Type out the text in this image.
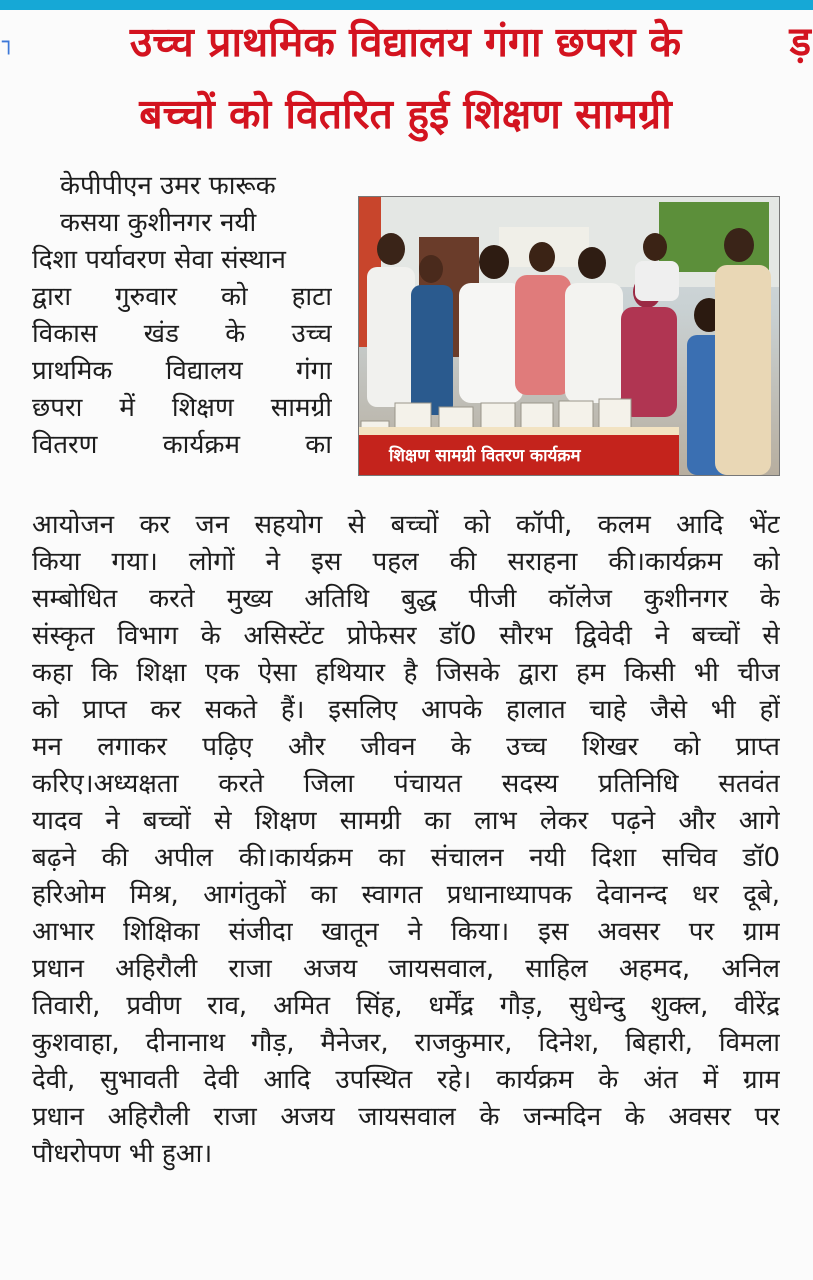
┐	ड़
उच्च प्राथमिक विद्यालय गंगा छपरा के
बच्चों को वितरित हुई शिक्षण सामग्री
शिक्षण सामग्री वितरण कार्यक्रम
केपीपीएन उमर फारूक
कसया कुशीनगर नयी
दिशा पर्यावरण सेवा संस्थान
द्वारा गुरुवार को हाटा
विकास खंड के उच्च
प्राथमिक विद्यालय गंगा
छपरा में शिक्षण सामग्री
वितरण कार्यक्रम का
आयोजन कर जन सहयोग से बच्चों को कॉपी, कलम आदि भेंट
किया गया। लोगों ने इस पहल की सराहना की।कार्यक्रम को
सम्बोधित करते मुख्य अतिथि बुद्ध पीजी कॉलेज कुशीनगर के
संस्कृत विभाग के असिस्टेंट प्रोफेसर डॉ0 सौरभ द्विवेदी ने बच्चों से
कहा कि शिक्षा एक ऐसा हथियार है जिसके द्वारा हम किसी भी चीज
को प्राप्त कर सकते हैं। इसलिए आपके हालात चाहे जैसे भी हों
मन लगाकर पढ़िए और जीवन के उच्च शिखर को प्राप्त
करिए।अध्यक्षता करते जिला पंचायत सदस्य प्रतिनिधि सतवंत
यादव ने बच्चों से शिक्षण सामग्री का लाभ लेकर पढ़ने और आगे
बढ़ने की अपील की।कार्यक्रम का संचालन नयी दिशा सचिव डॉ0
हरिओम मिश्र, आगंतुकों का स्वागत प्रधानाध्यापक देवानन्द धर दूबे,
आभार शिक्षिका संजीदा खातून ने किया। इस अवसर पर ग्राम
प्रधान अहिरौली राजा अजय जायसवाल, साहिल अहमद, अनिल
तिवारी, प्रवीण राव, अमित सिंह, धर्मेंद्र गौड़, सुधेन्दु शुक्ल, वीरेंद्र
कुशवाहा, दीनानाथ गौड़, मैनेजर, राजकुमार, दिनेश, बिहारी, विमला
देवी, सुभावती देवी आदि उपस्थित रहे। कार्यक्रम के अंत में ग्राम
प्रधान अहिरौली राजा अजय जायसवाल के जन्मदिन के अवसर पर
पौधरोपण भी हुआ।
